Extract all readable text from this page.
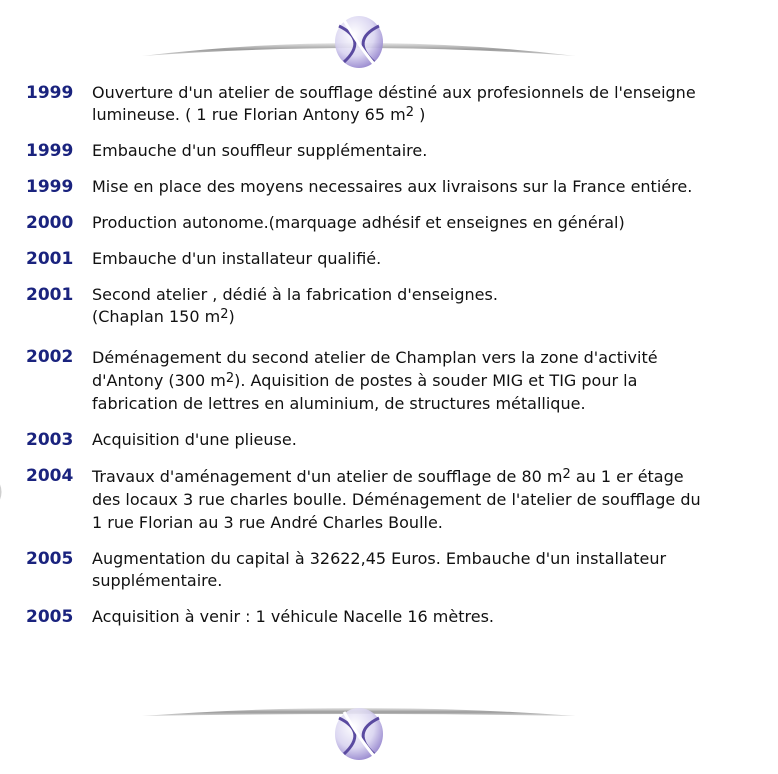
1999	Ouverture d'un atelier de soufflage déstiné aux profesionnels de l'enseigne lumineuse. ( 1 rue Florian Antony 65 $m^2$ )
1999	Embauche d'un souffleur supplémentaire.
1999	Mise en place des moyens necessaires aux livraisons sur la France entiére.
2000	Production autonome.(marquage adhésif et enseignes en général)
2001	Embauche d'un installateur qualifié.
2001	Second atelier , dédié à la fabrication d'enseignes.
(Chaplan 150 $m^2$)
2002	Déménagement du second atelier de Champlan vers la zone d'activité d'Antony (300 $m^2$). Aquisition de postes à souder MIG et TIG pour la fabrication de lettres en aluminium, de structures métallique.
2003	Acquisition d'une plieuse.
2004	Travaux d'aménagement d'un atelier de soufflage de 80 $m^2$ au 1 er étage des locaux 3 rue charles boulle. Déménagement de l'atelier de soufflage du 1 rue Florian au 3 rue André Charles Boulle.
2005	Augmentation du capital à 32622,45 Euros. Embauche d'un installateur supplémentaire.
2005	Acquisition à venir : 1 véhicule Nacelle 16 mètres.
